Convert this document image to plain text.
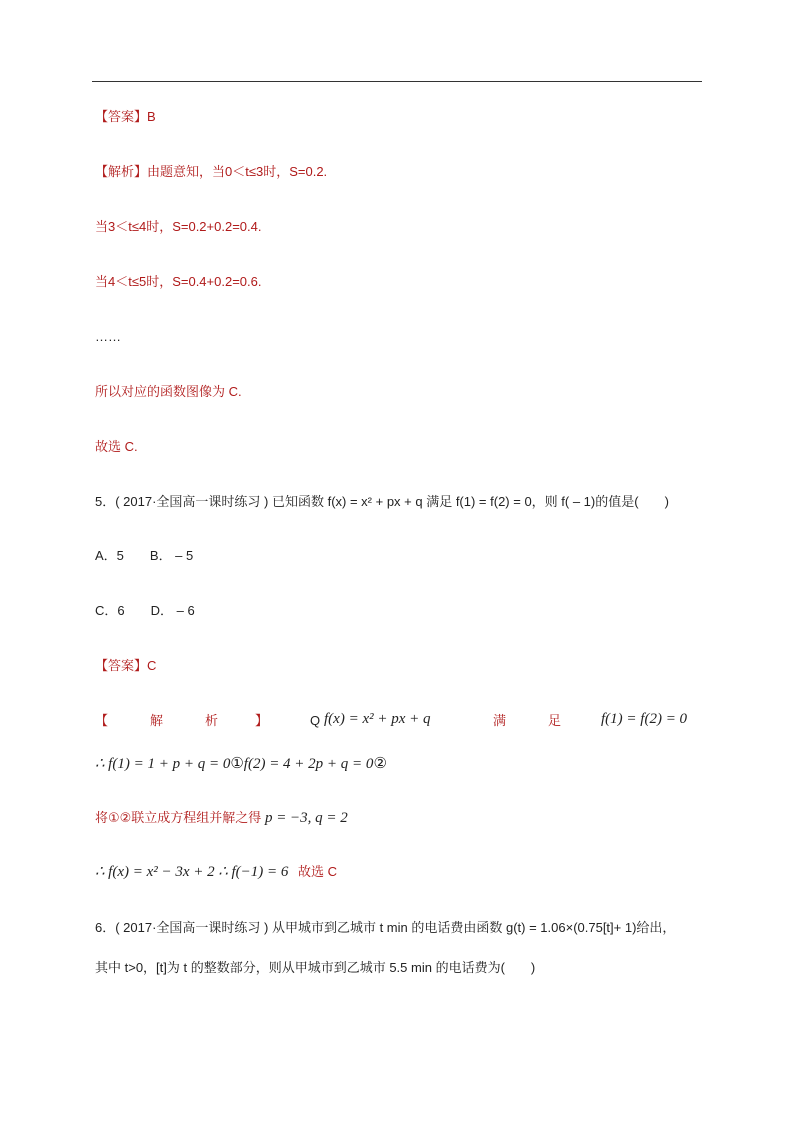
【答案】B
【解析】由题意知，当0＜t≤3时，S=0.2.
当3＜t≤4时，S=0.2+0.2=0.4.
当4＜t≤5时，S=0.4+0.2=0.6.
……
所以对应的函数图像为 C.
故选 C.
5．( 2017·全国高一课时练习 ) 已知函数 f(x) = x² + px + q 满足 f(1) = f(2) = 0，则 f( – 1)的值是(　　)
A．5　　B． – 5
C．6　　D． – 6
【答案】C
【	解	析	】	Q f(x) = x² + px + q	满	足	f(1) = f(2) = 0
∴ f(1) = 1 + p + q = 0①f(2) = 4 + 2p + q = 0②
将①②联立成方程组并解之得 p = −3, q = 2
∴ f(x) = x² − 3x + 2 ∴ f(−1) = 6 故选 C
6．( 2017·全国高一课时练习 ) 从甲城市到乙城市 t min 的电话费由函数 g(t) = 1.06×(0.75[t]+ 1)给出，
其中 t>0，[t]为 t 的整数部分，则从甲城市到乙城市 5.5 min 的电话费为(　　)
